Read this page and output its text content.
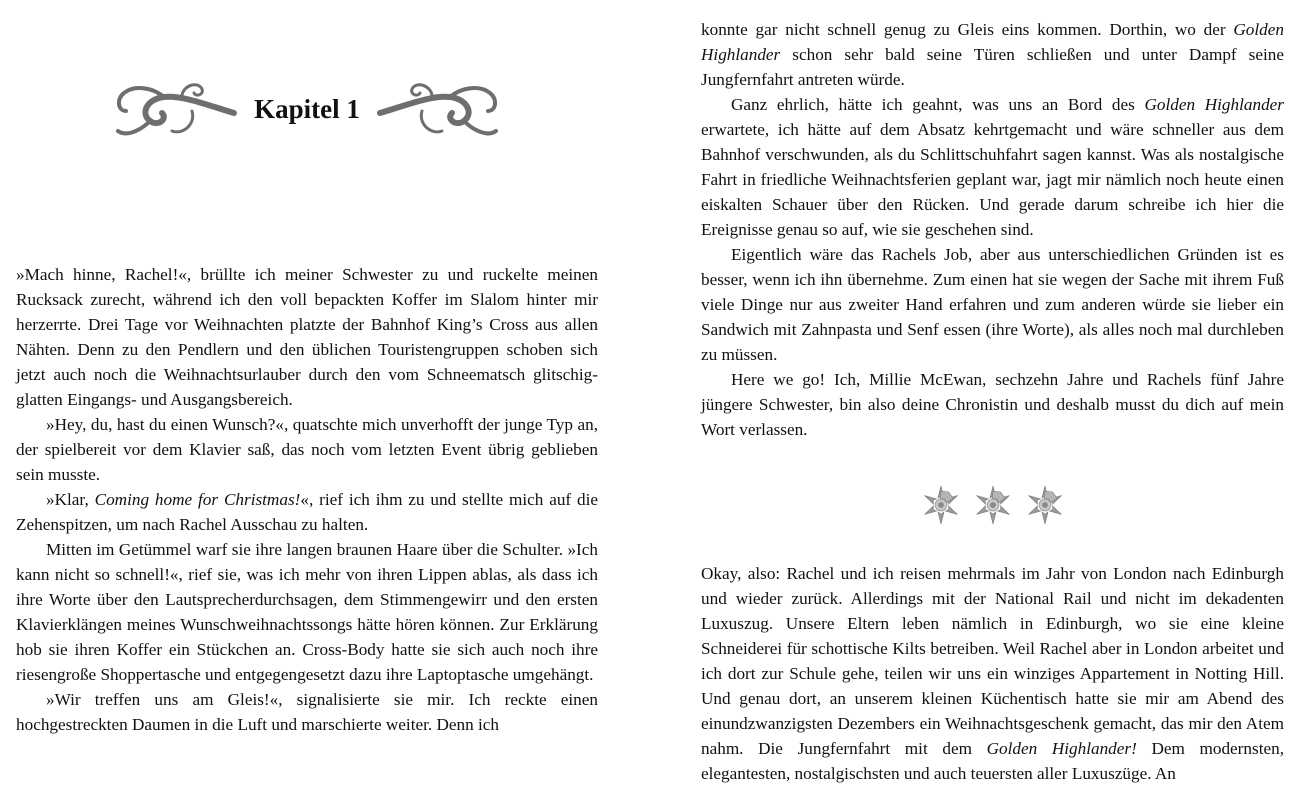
Kapitel 1

»Mach hinne, Rachel!«, brüllte ich meiner Schwester zu und ruckelte meinen Rucksack zurecht, während ich den voll bepackten Koffer im Slalom hinter mir herzerrte. Drei Tage vor Weihnachten platzte der Bahnhof King’s Cross aus allen Nähten. Denn zu den Pendlern und den üblichen Touristengruppen schoben sich jetzt auch noch die Weihnachtsurlauber durch den vom Schneematsch glitschig-glatten Eingangs- und Ausgangsbereich.

»Hey, du, hast du einen Wunsch?«, quatschte mich unverhofft der junge Typ an, der spielbereit vor dem Klavier saß, das noch vom letzten Event übrig geblieben sein musste.

»Klar, Coming home for Christmas!«, rief ich ihm zu und stellte mich auf die Zehenspitzen, um nach Rachel Ausschau zu halten.

Mitten im Getümmel warf sie ihre langen braunen Haare über die Schulter. »Ich kann nicht so schnell!«, rief sie, was ich mehr von ihren Lippen ablas, als dass ich ihre Worte über den Lautsprecherdurchsagen, dem Stimmengewirr und den ersten Klavierklängen meines Wunschweihnachtssongs hätte hören können. Zur Erklärung hob sie ihren Koffer ein Stückchen an. Cross-Body hatte sie sich auch noch ihre riesengroße Shoppertasche und entgegengesetzt dazu ihre Laptoptasche umgehängt.

»Wir treffen uns am Gleis!«, signalisierte sie mir. Ich reckte einen hochgestreckten Daumen in die Luft und marschierte weiter. Denn ich

konnte gar nicht schnell genug zu Gleis eins kommen. Dorthin, wo der Golden Highlander schon sehr bald seine Türen schließen und unter Dampf seine Jungfernfahrt antreten würde.

Ganz ehrlich, hätte ich geahnt, was uns an Bord des Golden Highlander erwartete, ich hätte auf dem Absatz kehrtgemacht und wäre schneller aus dem Bahnhof verschwunden, als du Schlittschuhfahrt sagen kannst. Was als nostalgische Fahrt in friedliche Weihnachtsferien geplant war, jagt mir nämlich noch heute einen eiskalten Schauer über den Rücken. Und gerade darum schreibe ich hier die Ereignisse genau so auf, wie sie geschehen sind.

Eigentlich wäre das Rachels Job, aber aus unterschiedlichen Gründen ist es besser, wenn ich ihn übernehme. Zum einen hat sie wegen der Sache mit ihrem Fuß viele Dinge nur aus zweiter Hand erfahren und zum anderen würde sie lieber ein Sandwich mit Zahnpasta und Senf essen (ihre Worte), als alles noch mal durchleben zu müssen.

Here we go! Ich, Millie McEwan, sechzehn Jahre und Rachels fünf Jahre jüngere Schwester, bin also deine Chronistin und deshalb musst du dich auf mein Wort verlassen.

Okay, also: Rachel und ich reisen mehrmals im Jahr von London nach Edinburgh und wieder zurück. Allerdings mit der National Rail und nicht im dekadenten Luxuszug. Unsere Eltern leben nämlich in Edinburgh, wo sie eine kleine Schneiderei für schottische Kilts betreiben. Weil Rachel aber in London arbeitet und ich dort zur Schule gehe, teilen wir uns ein winziges Appartement in Notting Hill. Und genau dort, an unserem kleinen Küchentisch hatte sie mir am Abend des einundzwanzigsten Dezembers ein Weihnachtsgeschenk gemacht, das mir den Atem nahm. Die Jungfernfahrt mit dem Golden Highlander! Dem modernsten, elegantesten, nostalgischsten und auch teuersten aller Luxuszüge. An
